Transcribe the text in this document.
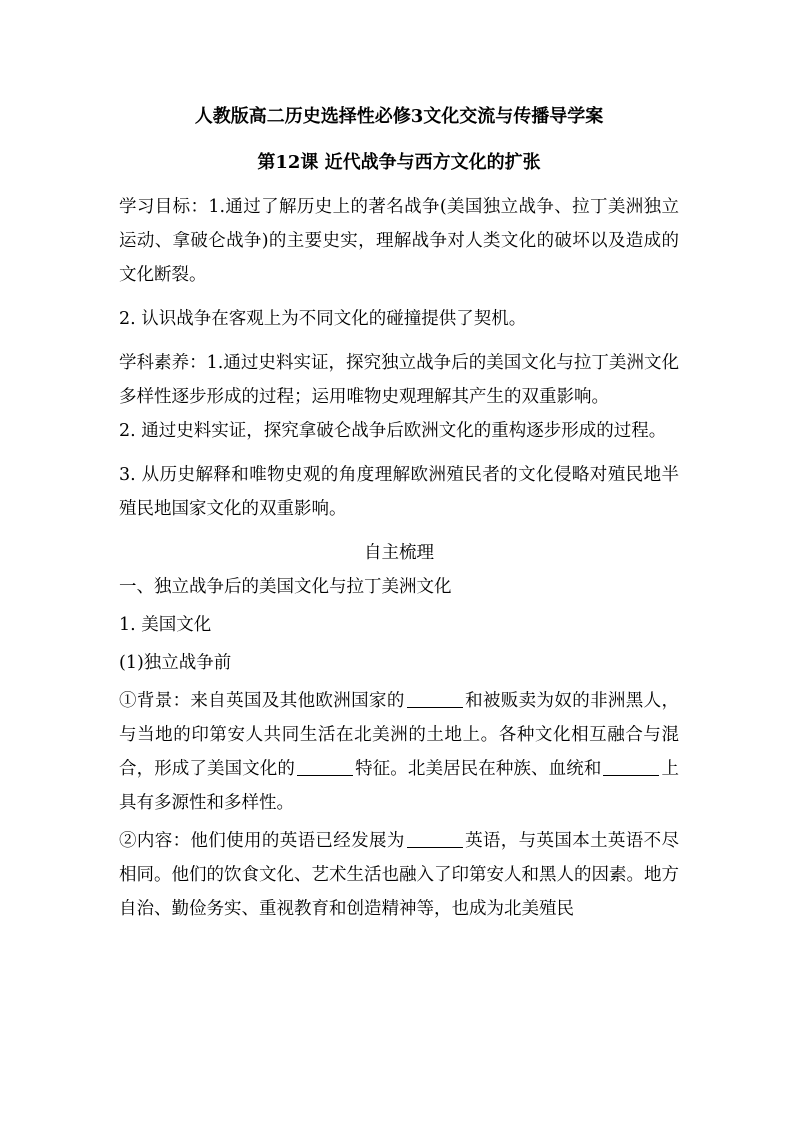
人教版高二历史选择性必修3文化交流与传播导学案

第12课 近代战争与西方文化的扩张

学习目标：1.通过了解历史上的著名战争(美国独立战争、拉丁美洲独立运动、拿破仑战争)的主要史实，理解战争对人类文化的破坏以及造成的文化断裂。

2. 认识战争在客观上为不同文化的碰撞提供了契机。

学科素养：1.通过史料实证，探究独立战争后的美国文化与拉丁美洲文化多样性逐步形成的过程；运用唯物史观理解其产生的双重影响。

2. 通过史料实证，探究拿破仑战争后欧洲文化的重构逐步形成的过程。

3. 从历史解释和唯物史观的角度理解欧洲殖民者的文化侵略对殖民地半殖民地国家文化的双重影响。

自主梳理

一、独立战争后的美国文化与拉丁美洲文化

1. 美国文化

(1)独立战争前

①背景：来自英国及其他欧洲国家的	和被贩卖为奴的非洲黑人，与当地的印第安人共同生活在北美洲的土地上。各种文化相互融合与混合，形成了美国文化的	特征。北美居民在种族、血统和	上具有多源性和多样性。

②内容：他们使用的英语已经发展为	英语，与英国本土英语不尽相同。他们的饮食文化、艺术生活也融入了印第安人和黑人的因素。地方自治、勤俭务实、重视教育和创造精神等，也成为北美殖民
